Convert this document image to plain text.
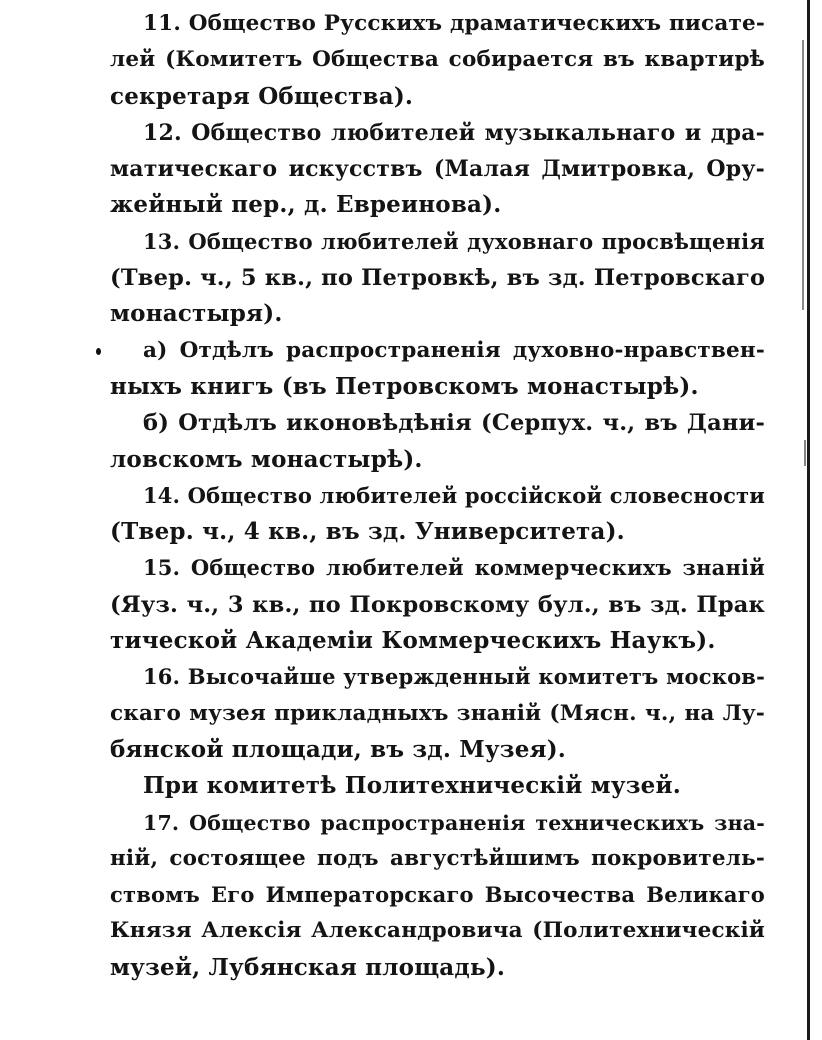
11. Общество Русскихъ драматическихъ писате-
лей (Комитетъ Общества собирается въ квартирѣ
секретаря Общества).
12. Общество любителей музыкальнаго и дра-
матическаго искусствъ (Малая Дмитровка, Ору-
жейный пер., д. Евреинова).
13. Общество любителей духовнаго просвѣщенія
(Твер. ч., 5 кв., по Петровкѣ, въ зд. Петровскаго
монастыря).
а) Отдѣлъ распространенія духовно-нравствен-
ныхъ книгъ (въ Петровскомъ монастырѣ).
б) Отдѣлъ иконовѣдѣнія (Серпух. ч., въ Дани-
ловскомъ монастырѣ).
14. Общество любителей россійской словесности
(Твер. ч., 4 кв., въ зд. Университета).
15. Общество любителей коммерческихъ знаній
(Яуз. ч., 3 кв., по Покровскому бул., въ зд. Прак
тической Академіи Коммерческихъ Наукъ).
16. Высочайше утвержденный комитетъ москов-
скаго музея прикладныхъ знаній (Мясн. ч., на Лу-
бянской площади, въ зд. Музея).
При комитетѣ Политехническій музей.
17. Общество распространенія техническихъ зна-
ній, состоящее подъ августѣйшимъ покровитель-
ствомъ Его Императорскаго Высочества Великаго
Князя Алексія Александровича (Политехническій
музей, Лубянская площадь).
